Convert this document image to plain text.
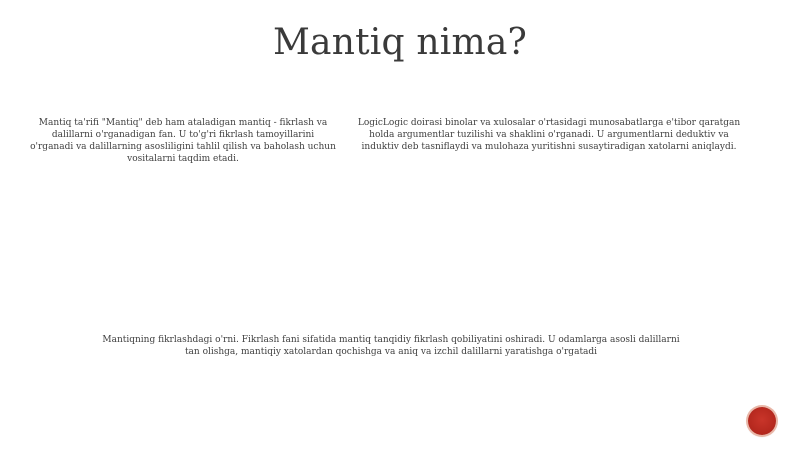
Mantiq nima?

Mantiq ta'rifi "Mantiq" deb ham ataladigan mantiq - fikrlash va dalillarni o'rganadigan fan. U to'g'ri fikrlash tamoyillarini o'rganadi va dalillarning asosliligini tahlil qilish va baholash uchun vositalarni taqdim etadi.

LogicLogic doirasi binolar va xulosalar o'rtasidagi munosabatlarga e'tibor qaratgan holda argumentlar tuzilishi va shaklini o'rganadi. U argumentlarni deduktiv va induktiv deb tasniflaydi va mulohaza yuritishni susaytiradigan xatolarni aniqlaydi.

Mantiqning fikrlashdagi o'rni. Fikrlash fani sifatida mantiq tanqidiy fikrlash qobiliyatini oshiradi. U odamlarga asosli dalillarni tan olishga, mantiqiy xatolardan qochishga va aniq va izchil dalillarni yaratishga o'rgatadi
